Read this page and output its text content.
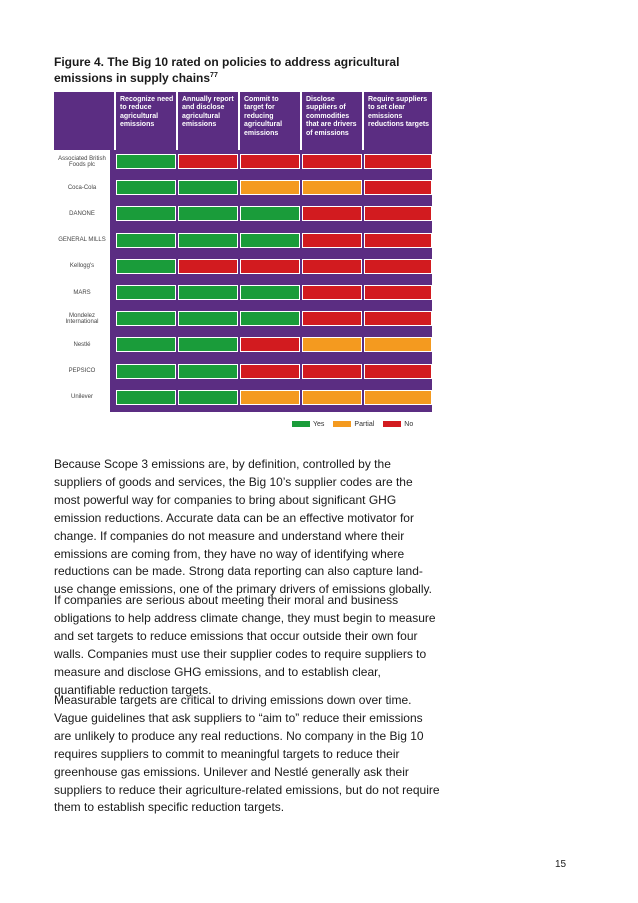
Figure 4. The Big 10 rated on policies to address agricultural emissions in supply chains$^{77}$

Recognize need to reduce agricultural emissions
Annually report and disclose agricultural emissions
Commit to target for reducing agricultural emissions
Disclose suppliers of commodities that are drivers of emissions
Require suppliers to set clear emissions reductions targets
Associated British Foods plc
Coca-Cola
DANONE
GENERAL MILLS
Kellogg's
MARS
Mondelez International
Nestlé
PEPSICO
Unilever
Yes	Partial	No

Because Scope 3 emissions are, by definition, controlled by the suppliers of goods and services, the Big 10’s supplier codes are the most powerful way for companies to bring about significant GHG emission reductions. Accurate data can be an effective motivator for change. If companies do not measure and understand where their emissions are coming from, they have no way of identifying where reductions can be made. Strong data reporting can also capture land-use change emissions, one of the primary drivers of emissions globally.

If companies are serious about meeting their moral and business obligations to help address climate change, they must begin to measure and set targets to reduce emissions that occur outside their own four walls. Companies must use their supplier codes to require suppliers to measure and disclose GHG emissions, and to establish clear, quantifiable reduction targets.

Measurable targets are critical to driving emissions down over time. Vague guidelines that ask suppliers to “aim to” reduce their emissions are unlikely to produce any real reductions. No company in the Big 10 requires suppliers to commit to meaningful targets to reduce their greenhouse gas emissions. Unilever and Nestlé generally ask their suppliers to reduce their agriculture-related emissions, but do not require them to establish specific reduction targets.

15
